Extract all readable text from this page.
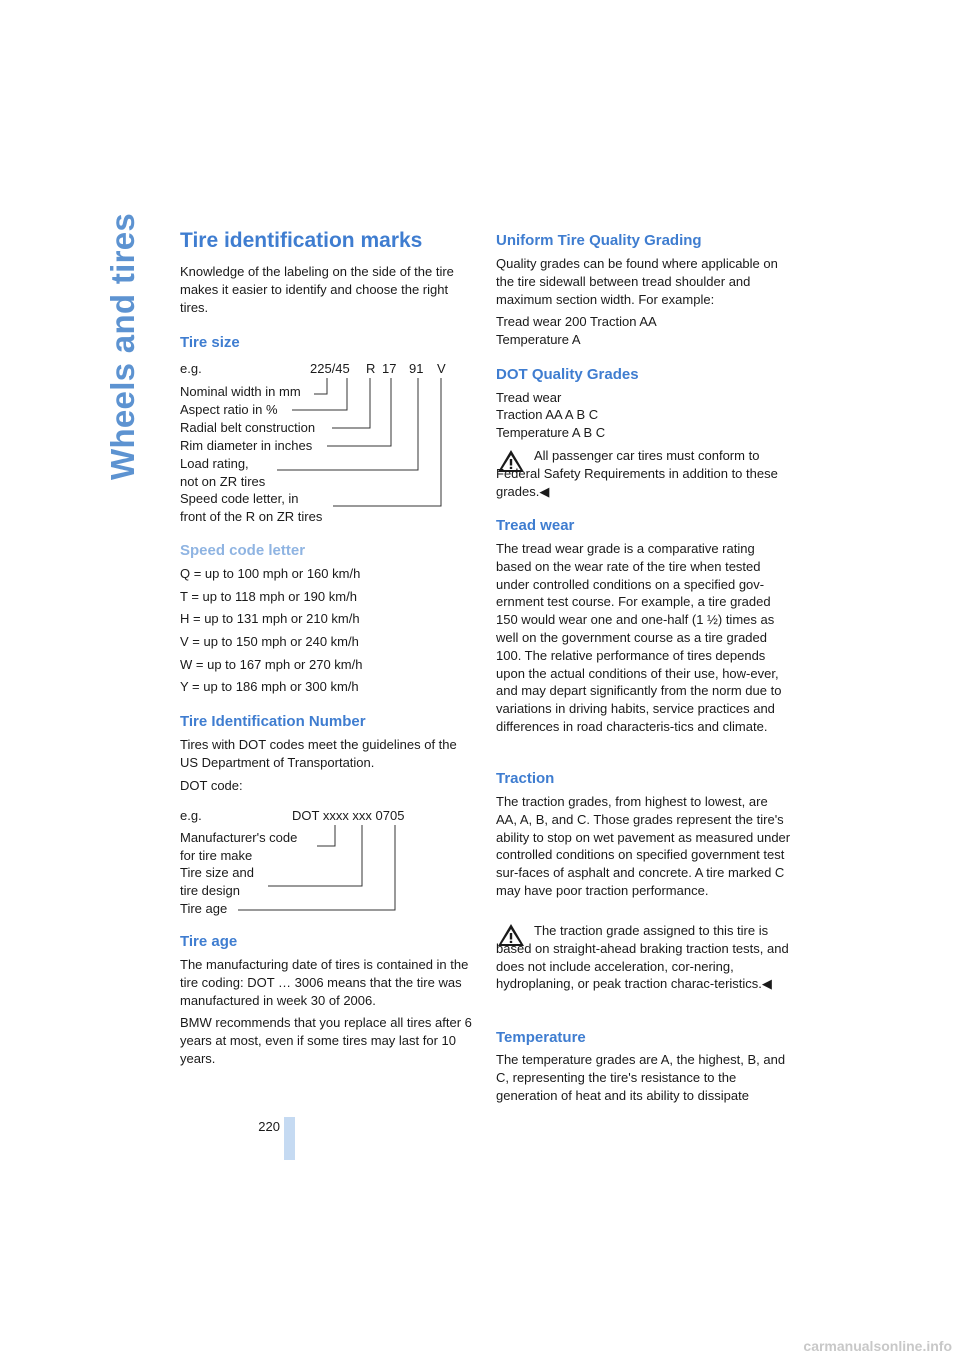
Wheels and tires
220
Tire identification marks

Knowledge of the labeling on the side of the tire makes it easier to identify and choose the right tires.

Tire size
e.g.	225/45 R 17 91 V
Nominal width in mm
Aspect ratio in %
Radial belt construction
Rim diameter in inches
Load rating,
not on ZR tires
Speed code letter, in
front of the R on ZR tires
Speed code letter

Q = up to 100 mph or 160 km/h

T = up to 118 mph or 190 km/h

H = up to 131 mph or 210 km/h

V = up to 150 mph or 240 km/h

W = up to 167 mph or 270 km/h

Y = up to 186 mph or 300 km/h

Tire Identification Number

Tires with DOT codes meet the guidelines of the US Department of Transportation.

DOT code:

e.g.	DOT xxxx xxx 0705
Manufacturer's code
for tire make
Tire size and
tire design
Tire age
Tire age

The manufacturing date of tires is contained in the tire coding: DOT … 3006 means that the tire was manufactured in week 30 of 2006.

BMW recommends that you replace all tires after 6 years at most, even if some tires may last for 10 years.

Uniform Tire Quality Grading

Quality grades can be found where applicable on the tire sidewall between tread shoulder and maximum section width. For example:

Tread wear 200 Traction AA

Temperature A

DOT Quality Grades

Tread wear

Traction AA A B C

Temperature A B C

All passenger car tires must conform to Federal Safety Requirements in addition to these grades.◀

Tread wear

The tread wear grade is a comparative rating based on the wear rate of the tire when tested under controlled conditions on a specified gov-ernment test course. For example, a tire graded 150 would wear one and one-half (1 ½) times as well on the government course as a tire graded 100. The relative performance of tires depends upon the actual conditions of their use, how-ever, and may depart significantly from the norm due to variations in driving habits, service practices and differences in road characteris-tics and climate.

Traction

The traction grades, from highest to lowest, are AA, A, B, and C. Those grades represent the tire's ability to stop on wet pavement as measured under controlled conditions on specified government test sur-faces of asphalt and concrete. A tire marked C may have poor traction performance.

The traction grade assigned to this tire is based on straight-ahead braking traction tests, and does not include acceleration, cor-nering, hydroplaning, or peak traction charac-teristics.◀

Temperature

The temperature grades are A, the highest, B, and C, representing the tire's resistance to the generation of heat and its ability to dissipate

carmanualsonline.info
